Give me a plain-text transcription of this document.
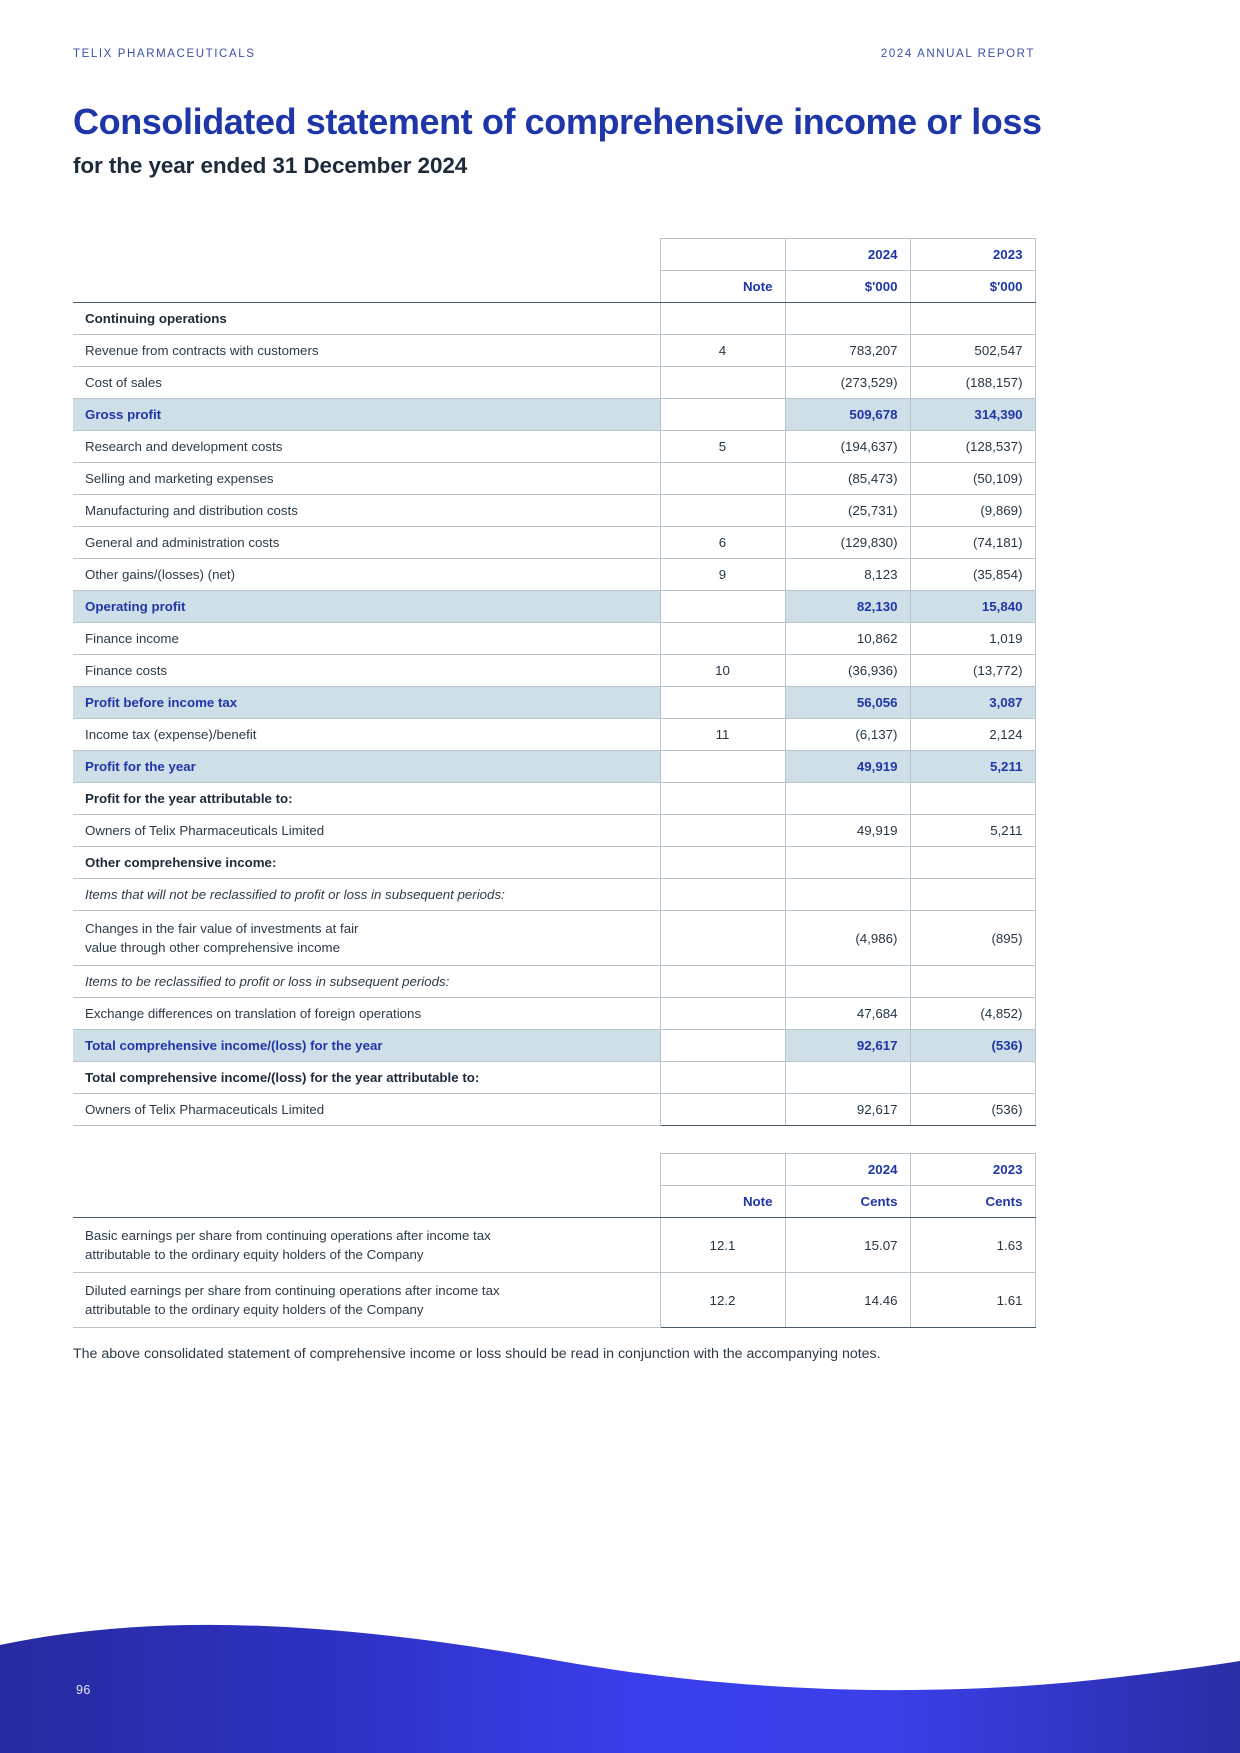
TELIX PHARMACEUTICALS	2024 ANNUAL REPORT
Consolidated statement of comprehensive income or loss
for the year ended 31 December 2024
		2024	2023
	Note	$'000	$'000
Continuing operations			
Revenue from contracts with customers	4	783,207	502,547
Cost of sales		(273,529)	(188,157)
Gross profit		509,678	314,390
Research and development costs	5	(194,637)	(128,537)
Selling and marketing expenses		(85,473)	(50,109)
Manufacturing and distribution costs		(25,731)	(9,869)
General and administration costs	6	(129,830)	(74,181)
Other gains/(losses) (net)	9	8,123	(35,854)
Operating profit		82,130	15,840
Finance income		10,862	1,019
Finance costs	10	(36,936)	(13,772)
Profit before income tax		56,056	3,087
Income tax (expense)/benefit	11	(6,137)	2,124
Profit for the year		49,919	5,211
Profit for the year attributable to:			
Owners of Telix Pharmaceuticals Limited		49,919	5,211
Other comprehensive income:			
Items that will not be reclassified to profit or loss in subsequent periods:			
Changes in the fair value of investments at fair
value through other comprehensive income		(4,986)	(895)
Items to be reclassified to profit or loss in subsequent periods:			
Exchange differences on translation of foreign operations		47,684	(4,852)
Total comprehensive income/(loss) for the year		92,617	(536)
Total comprehensive income/(loss) for the year attributable to:			
Owners of Telix Pharmaceuticals Limited		92,617	(536)
		2024	2023
	Note	Cents	Cents
Basic earnings per share from continuing operations after income tax
attributable to the ordinary equity holders of the Company	12.1	15.07	1.63
Diluted earnings per share from continuing operations after income tax
attributable to the ordinary equity holders of the Company	12.2	14.46	1.61

The above consolidated statement of comprehensive income or loss should be read in conjunction with the accompanying notes.

96
